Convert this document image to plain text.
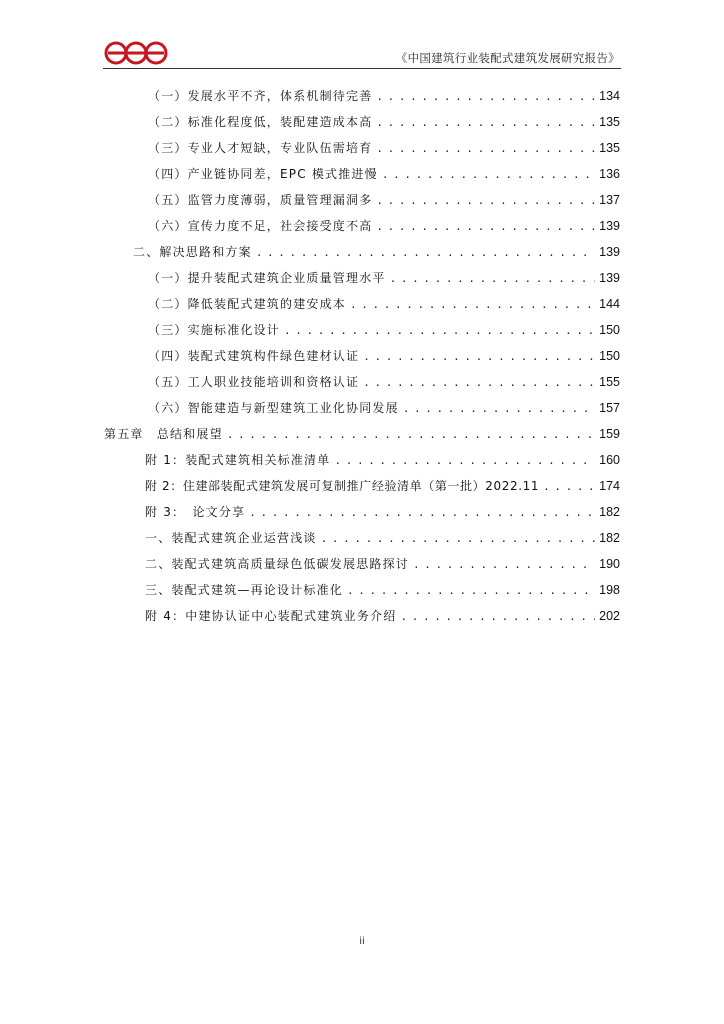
《中国建筑行业装配式建筑发展研究报告》
（一）发展水平不齐，体系机制待完善 . . .	134
（二）标准化程度低，装配建造成本高 . . .	135
（三）专业人才短缺，专业队伍需培育 . . .	135
（四）产业链协同差，EPC 模式推进慢 . . .	136
（五）监管力度薄弱，质量管理漏洞多 . . .	137
（六）宣传力度不足，社会接受度不高 . . .	139
二、解决思路和方案 . . .	139
（一）提升装配式建筑企业质量管理水平 . . .	139
（二）降低装配式建筑的建安成本 . . .	144
（三）实施标准化设计 . . .	150
（四）装配式建筑构件绿色建材认证 . . .	150
（五）工人职业技能培训和资格认证 . . .	155
（六）智能建造与新型建筑工业化协同发展 . . .	157
第五章　总结和展望 . . .	159
附 1：装配式建筑相关标准清单 . . .	160
附 2：住建部装配式建筑发展可复制推广经验清单（第一批）2022.11 . . .	174
附 3：　论文分享 . . .	182
一、装配式建筑企业运营浅谈 . . .	182
二、装配式建筑高质量绿色低碳发展思路探讨 . . .	190
三、装配式建筑—再论设计标准化 . . .	198
附 4：中建协认证中心装配式建筑业务介绍 . . .	202
ii
